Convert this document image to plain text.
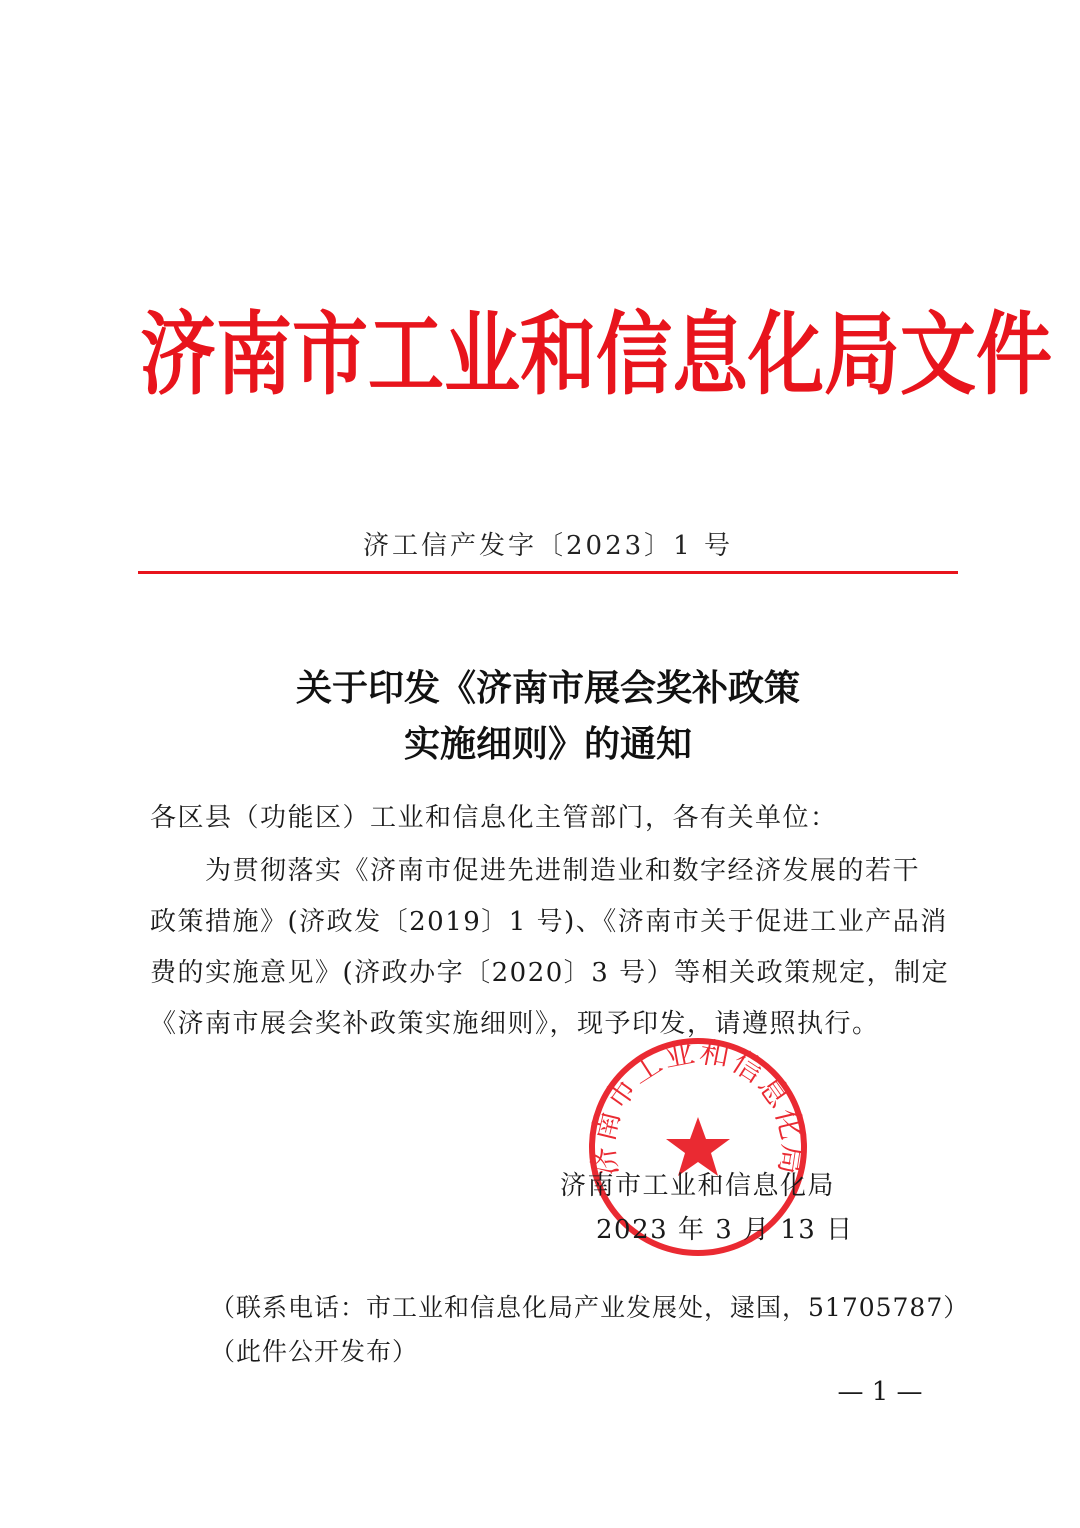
济南市工业和信息化局文件
济工信产发字〔2023〕1 号
关于印发《济南市展会奖补政策
实施细则》的通知
各区县（功能区）工业和信息化主管部门，各有关单位：
　　为贯彻落实《济南市促进先进制造业和数字经济发展的若干
政策措施》(济政发〔2019〕1 号)、《济南市关于促进工业产品消
费的实施意见》(济政办字〔2020〕3 号）等相关政策规定，制定
《济南市展会奖补政策实施细则》，现予印发，请遵照执行。
济南市工业和信息化局
济南市工业和信息化局
2023 年 3 月 13 日
（联系电话：市工业和信息化局产业发展处，逯国，51705787）
（此件公开发布）
— 1 —
